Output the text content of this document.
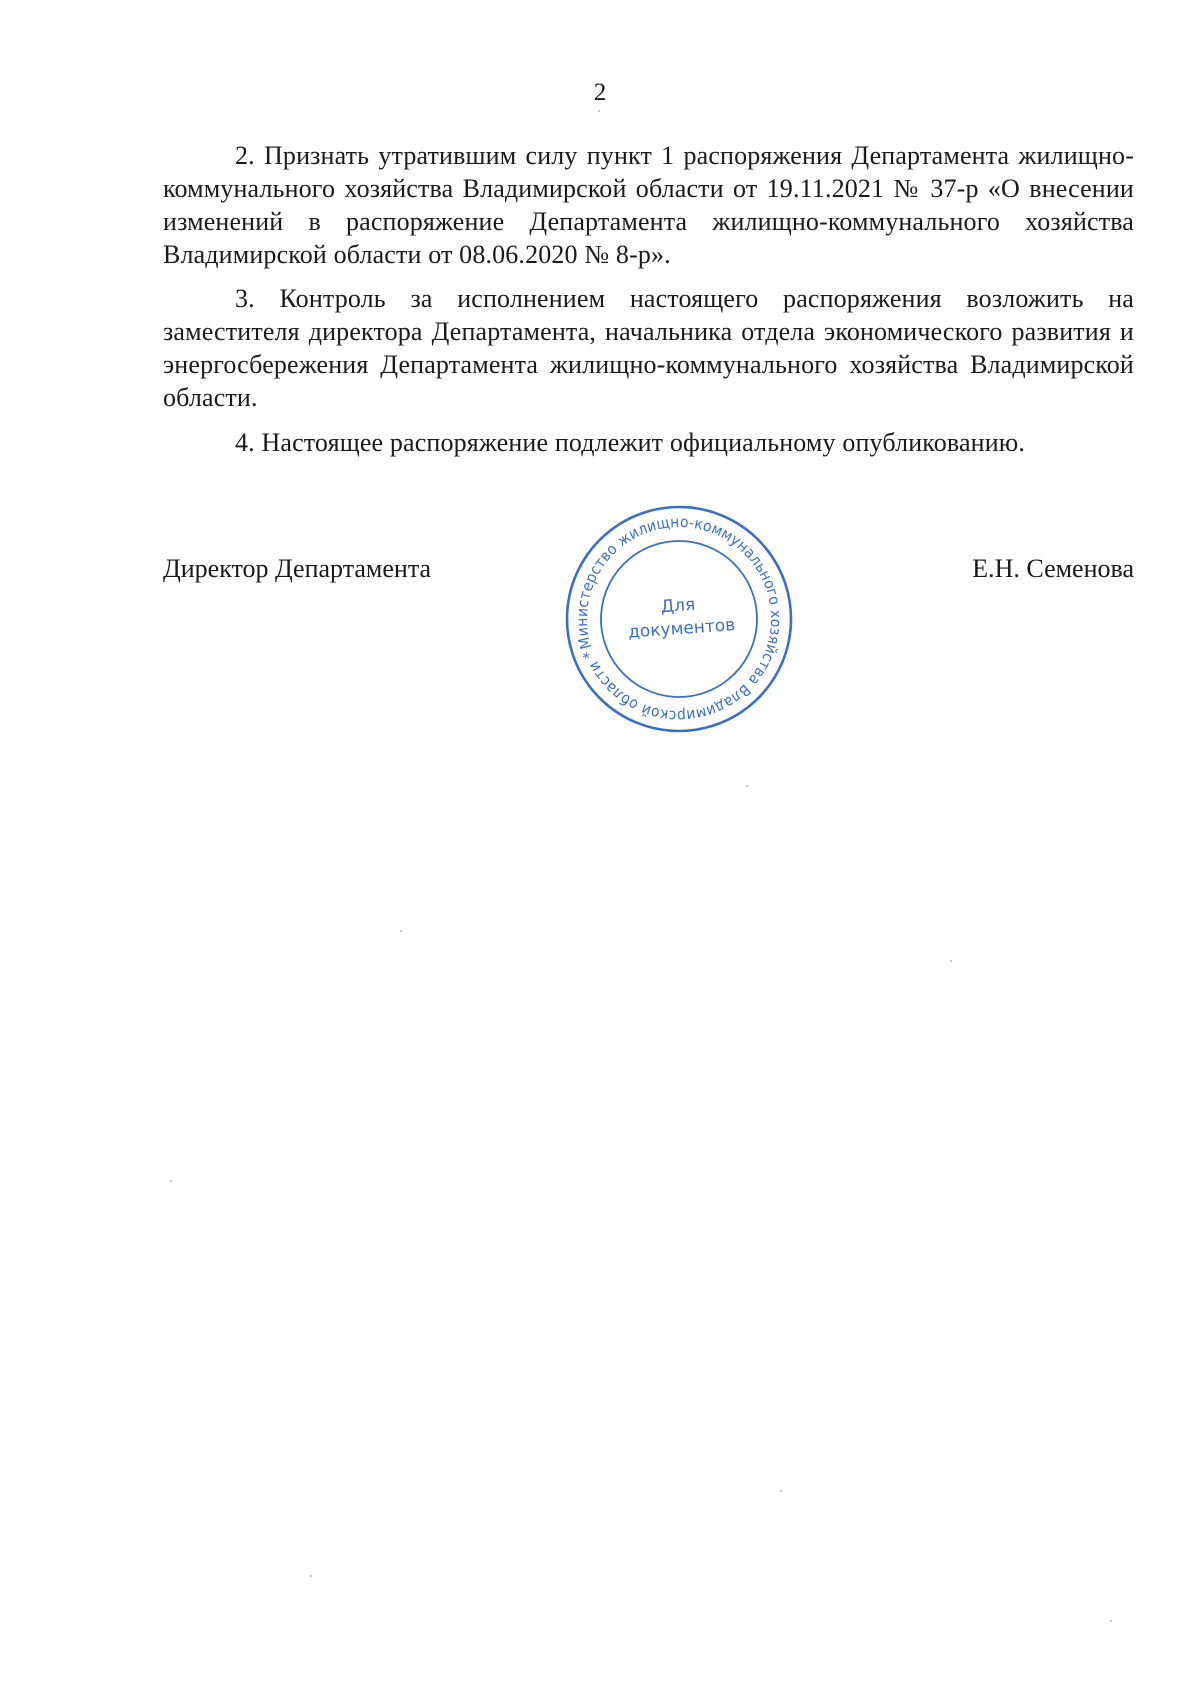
2

2. Признать утратившим силу пункт 1 распоряжения Департамента жилищно-коммунального хозяйства Владимирской области от 19.11.2021 № 37-р «О внесении изменений в распоряжение Департамента жилищно-коммунального хозяйства Владимирской области от 08.06.2020 № 8-р».

3. Контроль за исполнением настоящего распоряжения возложить на заместителя директора Департамента, начальника отдела экономического развития и энергосбережения Департамента жилищно-коммунального хозяйства Владимирской области.

4. Настоящее распоряжение подлежит официальному опубликованию.

Директор Департамента
Министерство жилищно-коммунального хозяйства Владимирской области *
Для
документов
Е.Н. Семенова
